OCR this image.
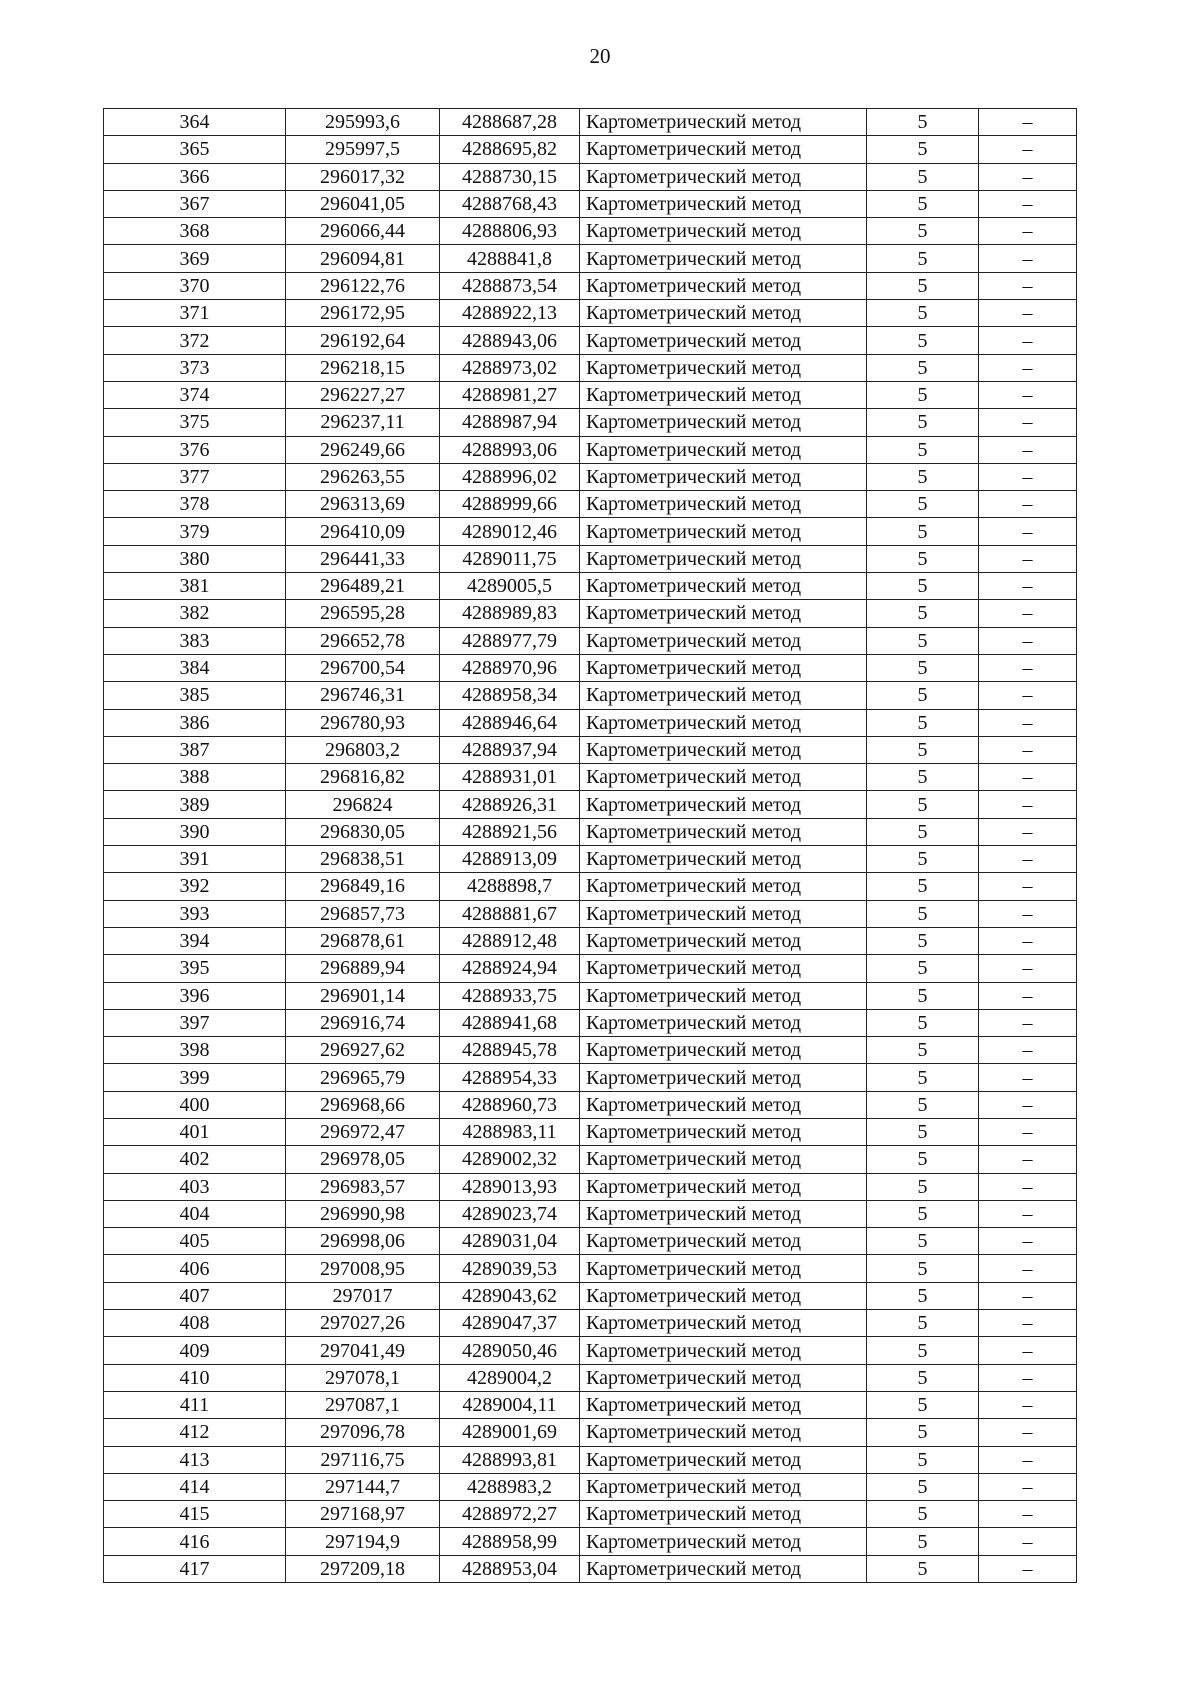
20
364	295993,6	4288687,28	Картометрический метод	5	–
365	295997,5	4288695,82	Картометрический метод	5	–
366	296017,32	4288730,15	Картометрический метод	5	–
367	296041,05	4288768,43	Картометрический метод	5	–
368	296066,44	4288806,93	Картометрический метод	5	–
369	296094,81	4288841,8	Картометрический метод	5	–
370	296122,76	4288873,54	Картометрический метод	5	–
371	296172,95	4288922,13	Картометрический метод	5	–
372	296192,64	4288943,06	Картометрический метод	5	–
373	296218,15	4288973,02	Картометрический метод	5	–
374	296227,27	4288981,27	Картометрический метод	5	–
375	296237,11	4288987,94	Картометрический метод	5	–
376	296249,66	4288993,06	Картометрический метод	5	–
377	296263,55	4288996,02	Картометрический метод	5	–
378	296313,69	4288999,66	Картометрический метод	5	–
379	296410,09	4289012,46	Картометрический метод	5	–
380	296441,33	4289011,75	Картометрический метод	5	–
381	296489,21	4289005,5	Картометрический метод	5	–
382	296595,28	4288989,83	Картометрический метод	5	–
383	296652,78	4288977,79	Картометрический метод	5	–
384	296700,54	4288970,96	Картометрический метод	5	–
385	296746,31	4288958,34	Картометрический метод	5	–
386	296780,93	4288946,64	Картометрический метод	5	–
387	296803,2	4288937,94	Картометрический метод	5	–
388	296816,82	4288931,01	Картометрический метод	5	–
389	296824	4288926,31	Картометрический метод	5	–
390	296830,05	4288921,56	Картометрический метод	5	–
391	296838,51	4288913,09	Картометрический метод	5	–
392	296849,16	4288898,7	Картометрический метод	5	–
393	296857,73	4288881,67	Картометрический метод	5	–
394	296878,61	4288912,48	Картометрический метод	5	–
395	296889,94	4288924,94	Картометрический метод	5	–
396	296901,14	4288933,75	Картометрический метод	5	–
397	296916,74	4288941,68	Картометрический метод	5	–
398	296927,62	4288945,78	Картометрический метод	5	–
399	296965,79	4288954,33	Картометрический метод	5	–
400	296968,66	4288960,73	Картометрический метод	5	–
401	296972,47	4288983,11	Картометрический метод	5	–
402	296978,05	4289002,32	Картометрический метод	5	–
403	296983,57	4289013,93	Картометрический метод	5	–
404	296990,98	4289023,74	Картометрический метод	5	–
405	296998,06	4289031,04	Картометрический метод	5	–
406	297008,95	4289039,53	Картометрический метод	5	–
407	297017	4289043,62	Картометрический метод	5	–
408	297027,26	4289047,37	Картометрический метод	5	–
409	297041,49	4289050,46	Картометрический метод	5	–
410	297078,1	4289004,2	Картометрический метод	5	–
411	297087,1	4289004,11	Картометрический метод	5	–
412	297096,78	4289001,69	Картометрический метод	5	–
413	297116,75	4288993,81	Картометрический метод	5	–
414	297144,7	4288983,2	Картометрический метод	5	–
415	297168,97	4288972,27	Картометрический метод	5	–
416	297194,9	4288958,99	Картометрический метод	5	–
417	297209,18	4288953,04	Картометрический метод	5	–
